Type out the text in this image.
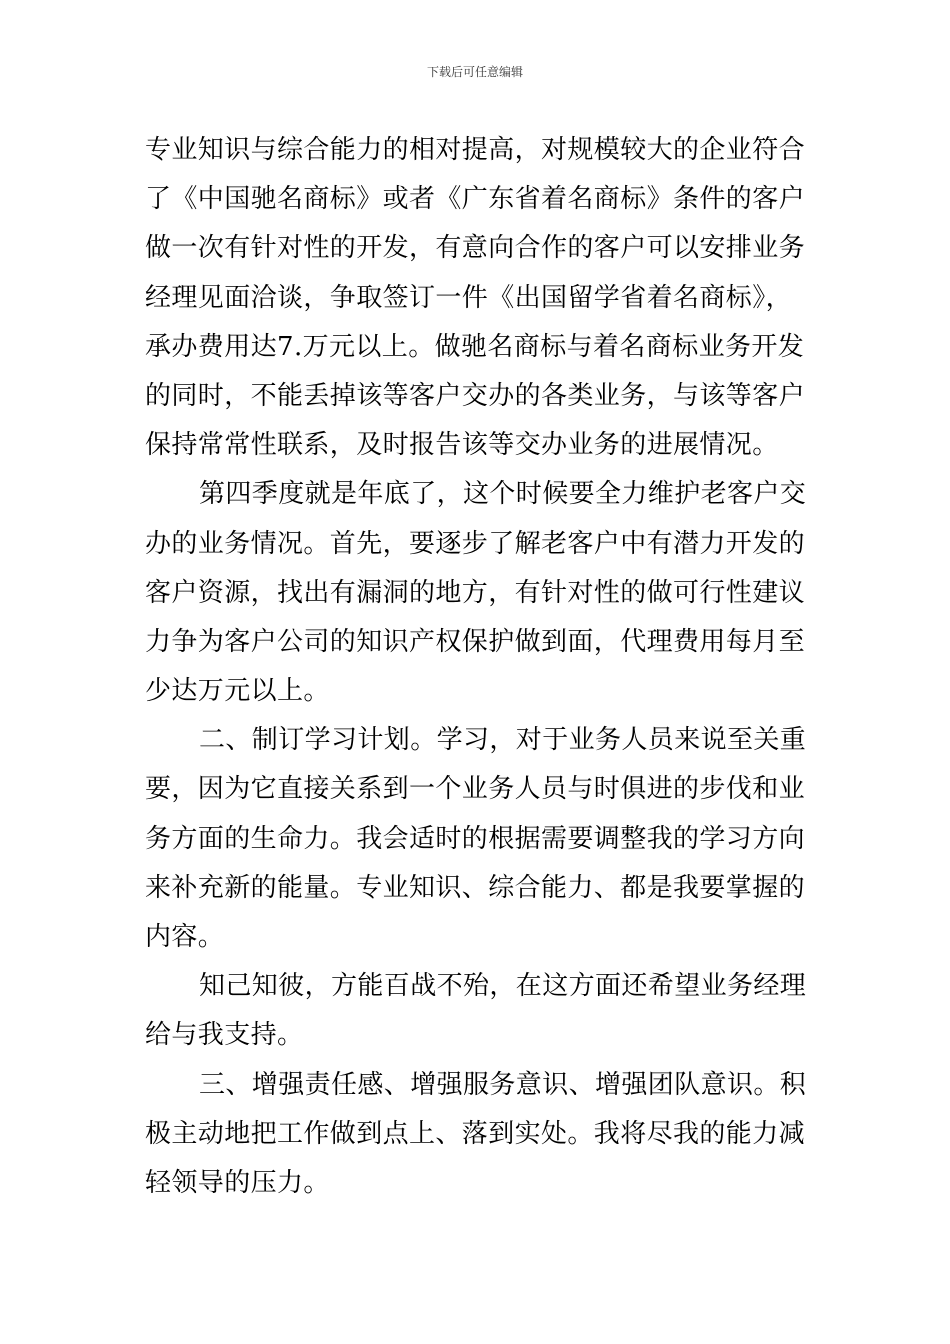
下载后可任意编辑
专业知识与综合能力的相对提高，对规模较大的企业符合
了《中国驰名商标》或者《广东省着名商标》条件的客户
做一次有针对性的开发，有意向合作的客户可以安排业务
经理见面洽谈，争取签订一件《出国留学省着名商标》，
承办费用达7.万元以上。做驰名商标与着名商标业务开发
的同时，不能丢掉该等客户交办的各类业务，与该等客户
保持常常性联系，及时报告该等交办业务的进展情况。
第四季度就是年底了，这个时候要全力维护老客户交
办的业务情况。首先，要逐步了解老客户中有潜力开发的
客户资源，找出有漏洞的地方，有针对性的做可行性建议
力争为客户公司的知识产权保护做到面，代理费用每月至
少达万元以上。
二、制订学习计划。学习，对于业务人员来说至关重
要，因为它直接关系到一个业务人员与时俱进的步伐和业
务方面的生命力。我会适时的根据需要调整我的学习方向
来补充新的能量。专业知识、综合能力、都是我要掌握的
内容。
知己知彼，方能百战不殆，在这方面还希望业务经理
给与我支持。
三、增强责任感、增强服务意识、增强团队意识。积
极主动地把工作做到点上、落到实处。我将尽我的能力减
轻领导的压力。
